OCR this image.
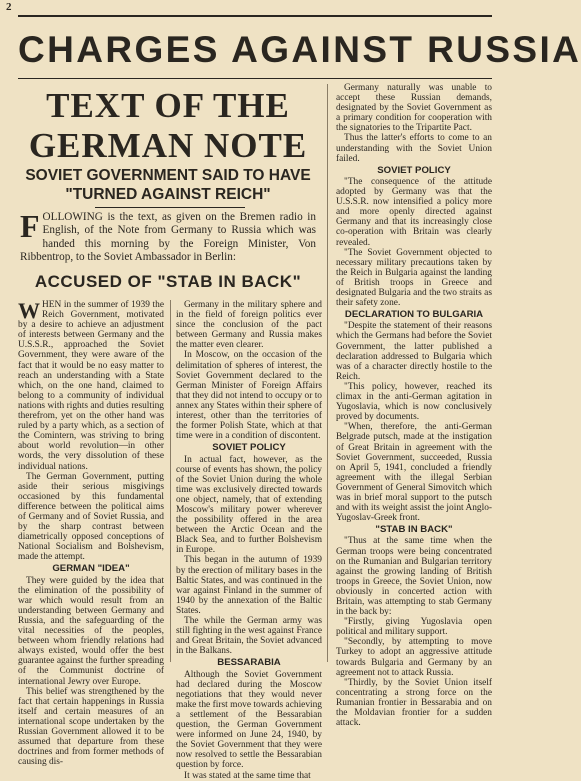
2
CHARGES AGAINST RUSSIA
TEXT OF THE GERMAN NOTE
SOVIET GOVERNMENT SAID TO HAVE "TURNED AGAINST REICH"
FOLLOWING is the text, as given on the Bremen radio in English, of the Note from Germany to Russia which was handed this morning by the Foreign Minister, Von Ribbentrop, to the Soviet Ambassador in Berlin:
ACCUSED OF "STAB IN BACK"

WHEN in the summer of 1939 the Reich Government, motivated by a desire to achieve an adjustment of interests between Germany and the U.S.S.R., approached the Soviet Government, they were aware of the fact that it would be no easy matter to reach an understanding with a State which, on the one hand, claimed to belong to a community of individual nations with rights and duties resulting therefrom, yet on the other hand was ruled by a party which, as a section of the Comintern, was striving to bring about world revolution—in other words, the very dissolution of these individual nations.

The German Government, putting aside their serious misgivings occasioned by this fundamental difference between the political aims of Germany and of Soviet Russia, and by the sharp contrast between diametrically opposed conceptions of National Socialism and Bolshevism, made the attempt.

GERMAN "IDEA"

They were guided by the idea that the elimination of the possibility of war which would result from an understanding between Germany and Russia, and the safeguarding of the vital necessities of the peoples, between whom friendly relations had always existed, would offer the best guarantee against the further spreading of the Communist doctrine of international Jewry over Europe.

This belief was strengthened by the fact that certain happenings in Russia itself and certain measures of an international scope undertaken by the Russian Government allowed it to be assumed that departure from these doctrines and from former methods of causing dis-

Germany in the military sphere and in the field of foreign politics ever since the conclusion of the pact between Germany and Russia makes the matter even clearer.

In Moscow, on the occasion of the delimitation of spheres of interest, the Soviet Government declared to the German Minister of Foreign Affairs that they did not intend to occupy or to annex any States within their sphere of interest, other than the territories of the former Polish State, which at that time were in a condition of discontent.

SOVIET POLICY

In actual fact, however, as the course of events has shown, the policy of the Soviet Union during the whole time was exclusively directed towards one object, namely, that of extending Moscow's military power wherever the possibility offered in the area between the Arctic Ocean and the Black Sea, and to further Bolshevism in Europe.

This began in the autumn of 1939 by the erection of military bases in the Baltic States, and was continued in the war against Finland in the summer of 1940 by the annexation of the Baltic States.

The while the German army was still fighting in the west against France and Great Britain, the Soviet advanced in the Balkans.

BESSARABIA

Although the Soviet Government had declared during the Moscow negotiations that they would never make the first move towards achieving a settlement of the Bessarabian question, the German Government were informed on June 24, 1940, by the Soviet Government that they were now resolved to settle the Bessarabian question by force.

It was stated at the same time that

Germany naturally was unable to accept these Russian demands, designated by the Soviet Government as a primary condition for cooperation with the signatories to the Tripartite Pact.

Thus the latter's efforts to come to an understanding with the Soviet Union failed.

SOVIET POLICY

"The consequence of the attitude adopted by Germany was that the U.S.S.R. now intensified a policy more and more openly directed against Germany and that its increasingly close co-operation with Britain was clearly revealed.

"The Soviet Government objected to necessary military precautions taken by the Reich in Bulgaria against the landing of British troops in Greece and designated Bulgaria and the two straits as their safety zone.

DECLARATION TO BULGARIA

"Despite the statement of their reasons which the Germans had before the Soviet Government, the latter published a declaration addressed to Bulgaria which was of a character directly hostile to the Reich.

"This policy, however, reached its climax in the anti-German agitation in Yugoslavia, which is now conclusively proved by documents.

"When, therefore, the anti-German Belgrade putsch, made at the instigation of Great Britain in agreement with the Soviet Government, succeeded, Russia on April 5, 1941, concluded a friendly agreement with the illegal Serbian Government of General Simovitch which was in brief moral support to the putsch and with its weight assist the joint Anglo-Yugoslav-Greek front.

"STAB IN BACK"

"Thus at the same time when the German troops were being concentrated on the Rumanian and Bulgarian territory against the growing landing of British troops in Greece, the Soviet Union, now obviously in concerted action with Britain, was attempting to stab Germany in the back by:

"Firstly, giving Yugoslavia open political and military support.

"Secondly, by attempting to move Turkey to adopt an aggressive attitude towards Bulgaria and Germany by an agreement not to attack Russia.

"Thirdly, by the Soviet Union itself concentrating a strong force on the Rumanian frontier in Bessarabia and on the Moldavian frontier for a sudden attack.
